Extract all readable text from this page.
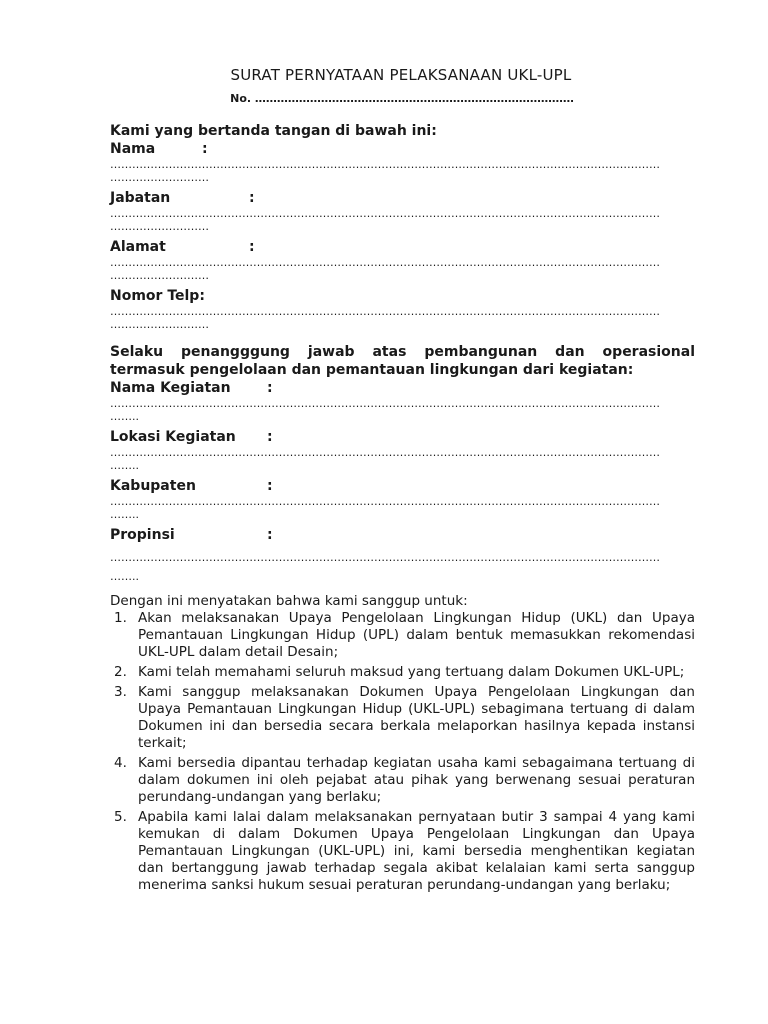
SURAT PERNYATAAN PELAKSANAAN UKL-UPL
No. ……………………………………………………………………………

Kami yang bertanda tangan di bawah ini:

Nama	:
……………………………………………………………………………………………………………………………………
………………………
Jabatan	:
……………………………………………………………………………………………………………………………………
………………………
Alamat	:
……………………………………………………………………………………………………………………………………
………………………
Nomor Telp :
……………………………………………………………………………………………………………………………………
………………………

Selaku penangggung jawab atas pembangunan dan operasional termasuk pengelolaan dan pemantauan lingkungan dari kegiatan:

Nama Kegiatan	:
……………………………………………………………………………………………………………………………………
……..
Lokasi Kegiatan	:
……………………………………………………………………………………………………………………………………
……..
Kabupaten	:
……………………………………………………………………………………………………………………………………
……..
Propinsi	:
……………………………………………………………………………………………………………………………………
……..
Dengan ini menyatakan bahwa kami sanggup untuk:
1. Akan melaksanakan Upaya Pengelolaan Lingkungan Hidup (UKL) dan Upaya Pemantauan Lingkungan Hidup (UPL) dalam bentuk memasukkan rekomendasi UKL-UPL dalam detail Desain;
2. Kami telah memahami seluruh maksud yang tertuang dalam Dokumen UKL-UPL;
3. Kami sanggup melaksanakan Dokumen Upaya Pengelolaan Lingkungan dan Upaya Pemantauan Lingkungan Hidup (UKL-UPL) sebagimana tertuang di dalam Dokumen ini dan bersedia secara berkala melaporkan hasilnya kepada instansi terkait;
4. Kami bersedia dipantau terhadap kegiatan usaha kami sebagaimana tertuang di dalam dokumen ini oleh pejabat atau pihak yang berwenang sesuai peraturan perundang-undangan yang berlaku;
5. Apabila kami lalai dalam melaksanakan pernyataan butir 3 sampai 4 yang kami kemukan di dalam Dokumen Upaya Pengelolaan Lingkungan dan Upaya Pemantauan Lingkungan (UKL-UPL) ini, kami bersedia menghentikan kegiatan dan bertanggung jawab terhadap segala akibat kelalaian kami serta sanggup menerima sanksi hukum sesuai peraturan perundang-undangan yang berlaku;
